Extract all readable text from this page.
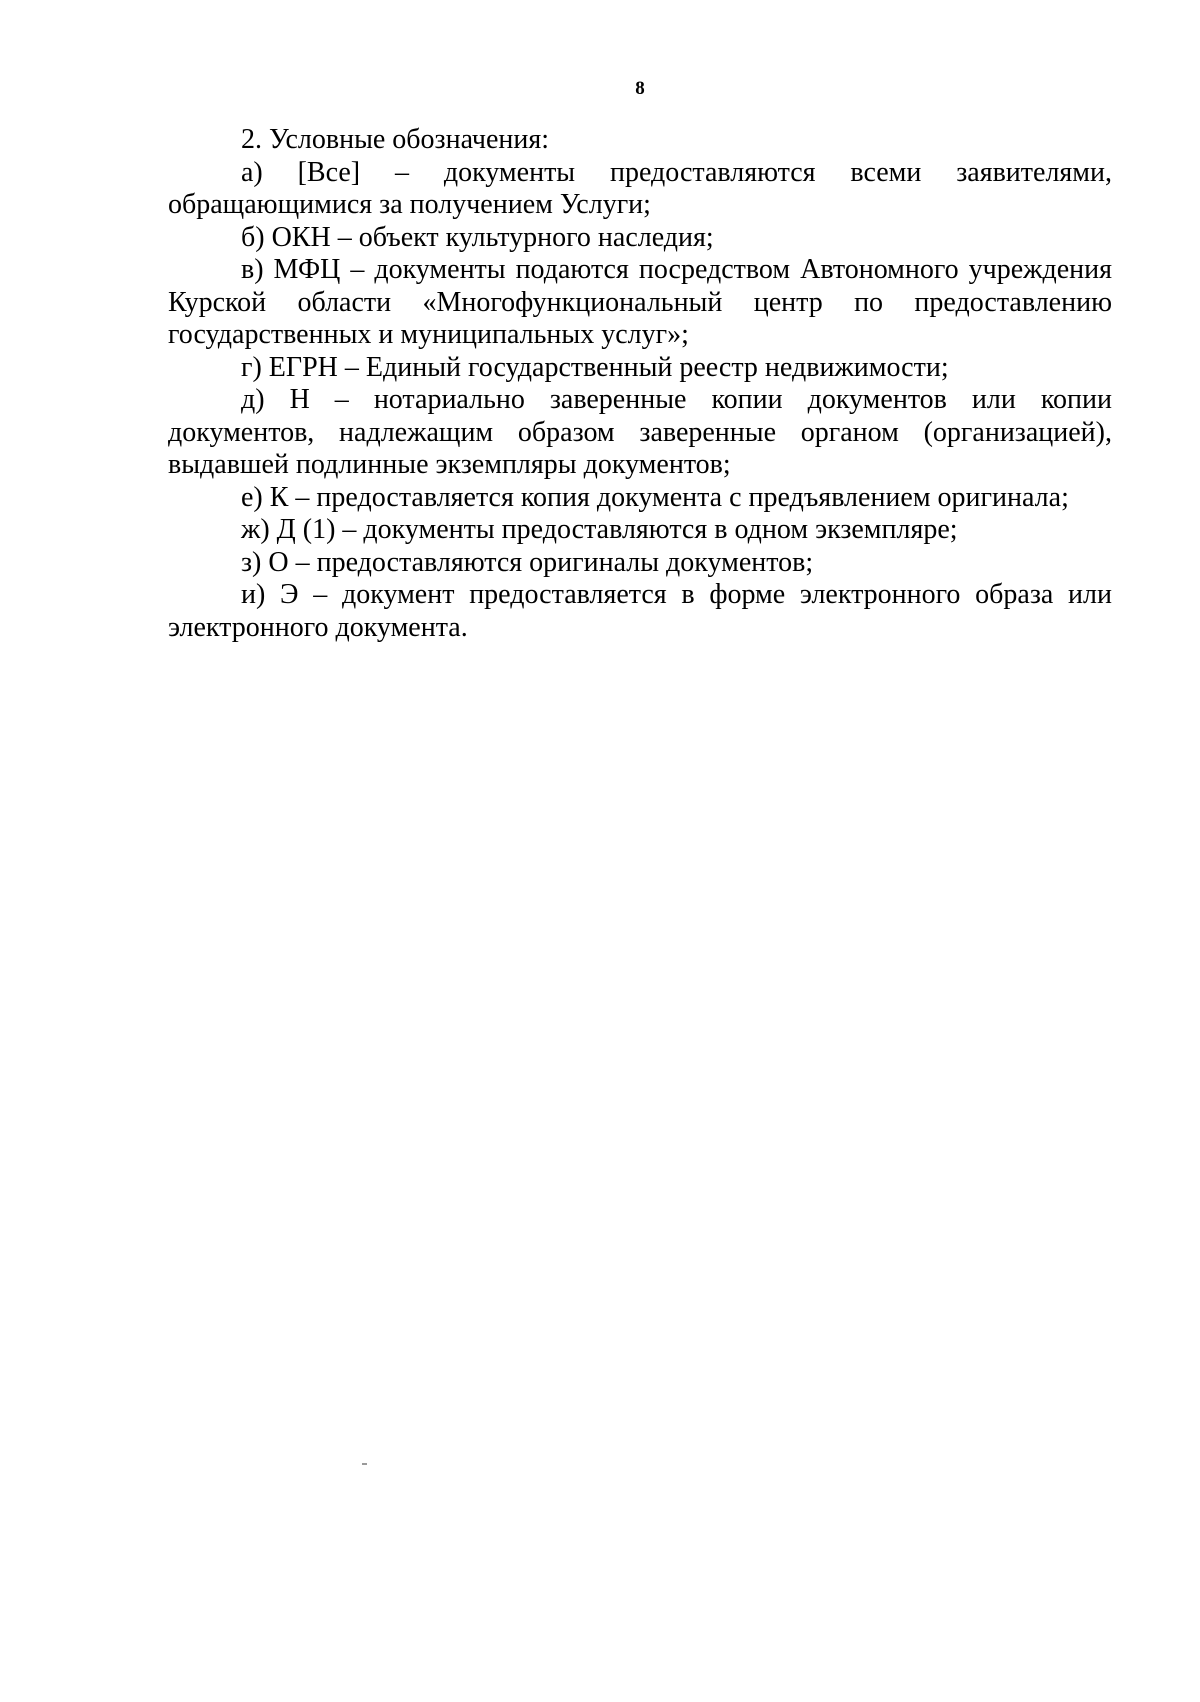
8

2. Условные обозначения:

а) [Все] – документы предоставляются всеми заявителями, обращающимися за получением Услуги;

б) ОКН – объект культурного наследия;

в) МФЦ – документы подаются посредством Автономного учреждения Курской области «Многофункциональный центр по предоставлению государственных и муниципальных услуг»;

г) ЕГРН – Единый государственный реестр недвижимости;

д) Н – нотариально заверенные копии документов или копии документов, надлежащим образом заверенные органом (организацией), выдавшей подлинные экземпляры документов;

е) К – предоставляется копия документа с предъявлением оригинала;

ж) Д (1) – документы предоставляются в одном экземпляре;

з) О – предоставляются оригиналы документов;

и) Э – документ предоставляется в форме электронного образа или электронного документа.
